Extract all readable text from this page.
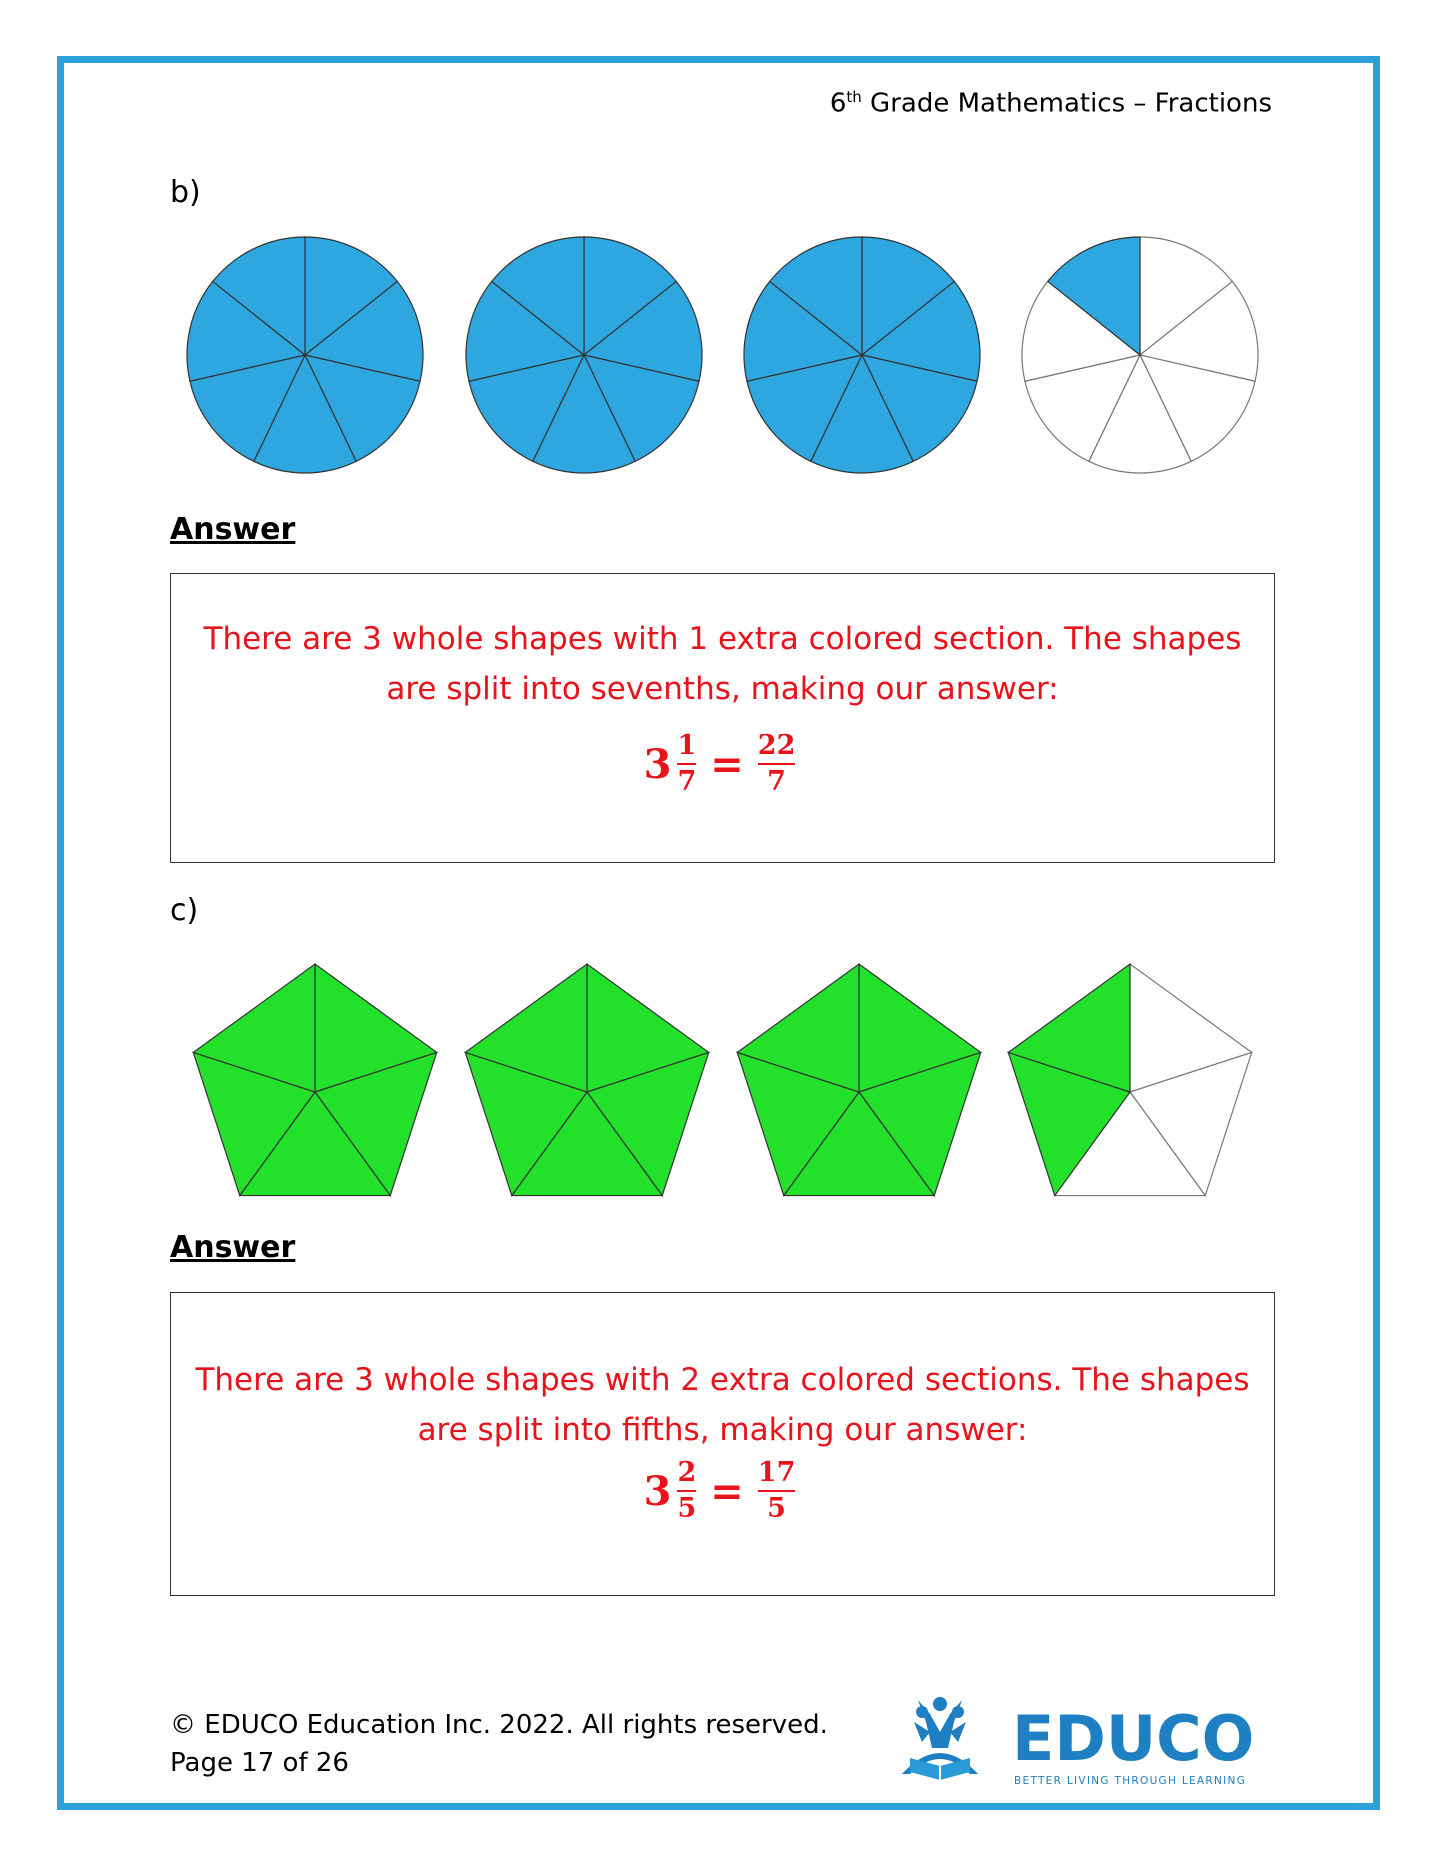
6th Grade Mathematics – Fractions
b)
Answer

There are 3 whole shapes with 1 extra colored section. The shapes

are split into sevenths, making our answer:

$3 \frac{1}{7} = \frac{22}{7}$
c)
Answer

There are 3 whole shapes with 2 extra colored sections. The shapes

are split into fifths, making our answer:

$3 \frac{2}{5} = \frac{17}{5}$
© EDUCO Education Inc. 2022. All rights reserved.
Page 17 of 26	EDUCO
BETTER LIVING THROUGH LEARNING
